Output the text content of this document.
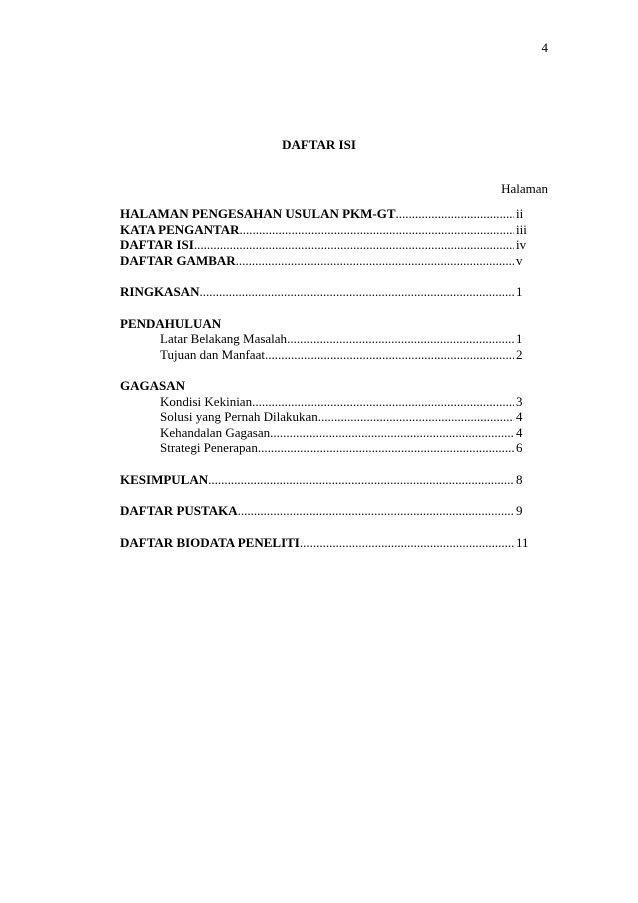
4
DAFTAR ISI
Halaman
HALAMAN PENGESAHAN USULAN PKM-GT .....	ii
KATA PENGANTAR .....	iii
DAFTAR ISI .....	iv
DAFTAR GAMBAR .....	v
RINGKASAN .....	1
PENDAHULUAN
Latar Belakang Masalah .....	1
Tujuan dan Manfaat .....	2
GAGASAN
Kondisi Kekinian .....	3
Solusi yang Pernah Dilakukan .....	4
Kehandalan Gagasan .....	4
Strategi Penerapan .....	6
KESIMPULAN .....	8
DAFTAR PUSTAKA .....	9
DAFTAR BIODATA PENELITI .....	11
